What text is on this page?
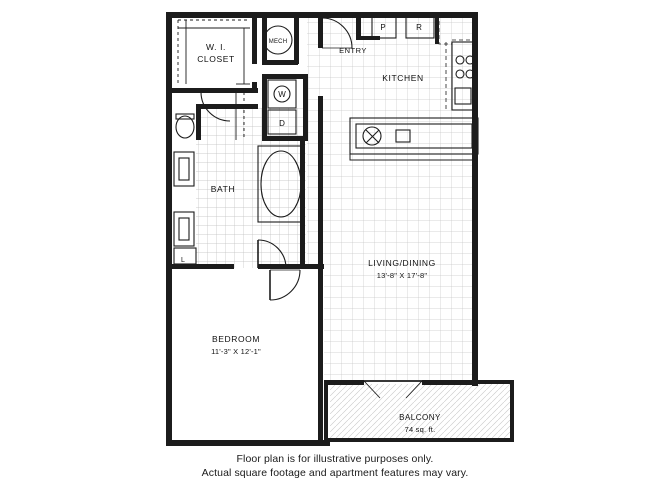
W. I.
CLOSET
MECH
ENTRY
KITCHEN
BATH
LIVING/DINING
13'-8" X 17'-8"
BEDROOM
11'-3" X 12'-1"
BALCONY
74 sq. ft.
W
D
P	R
L
Floor plan is for illustrative purposes only.
Actual square footage and apartment features may vary.
